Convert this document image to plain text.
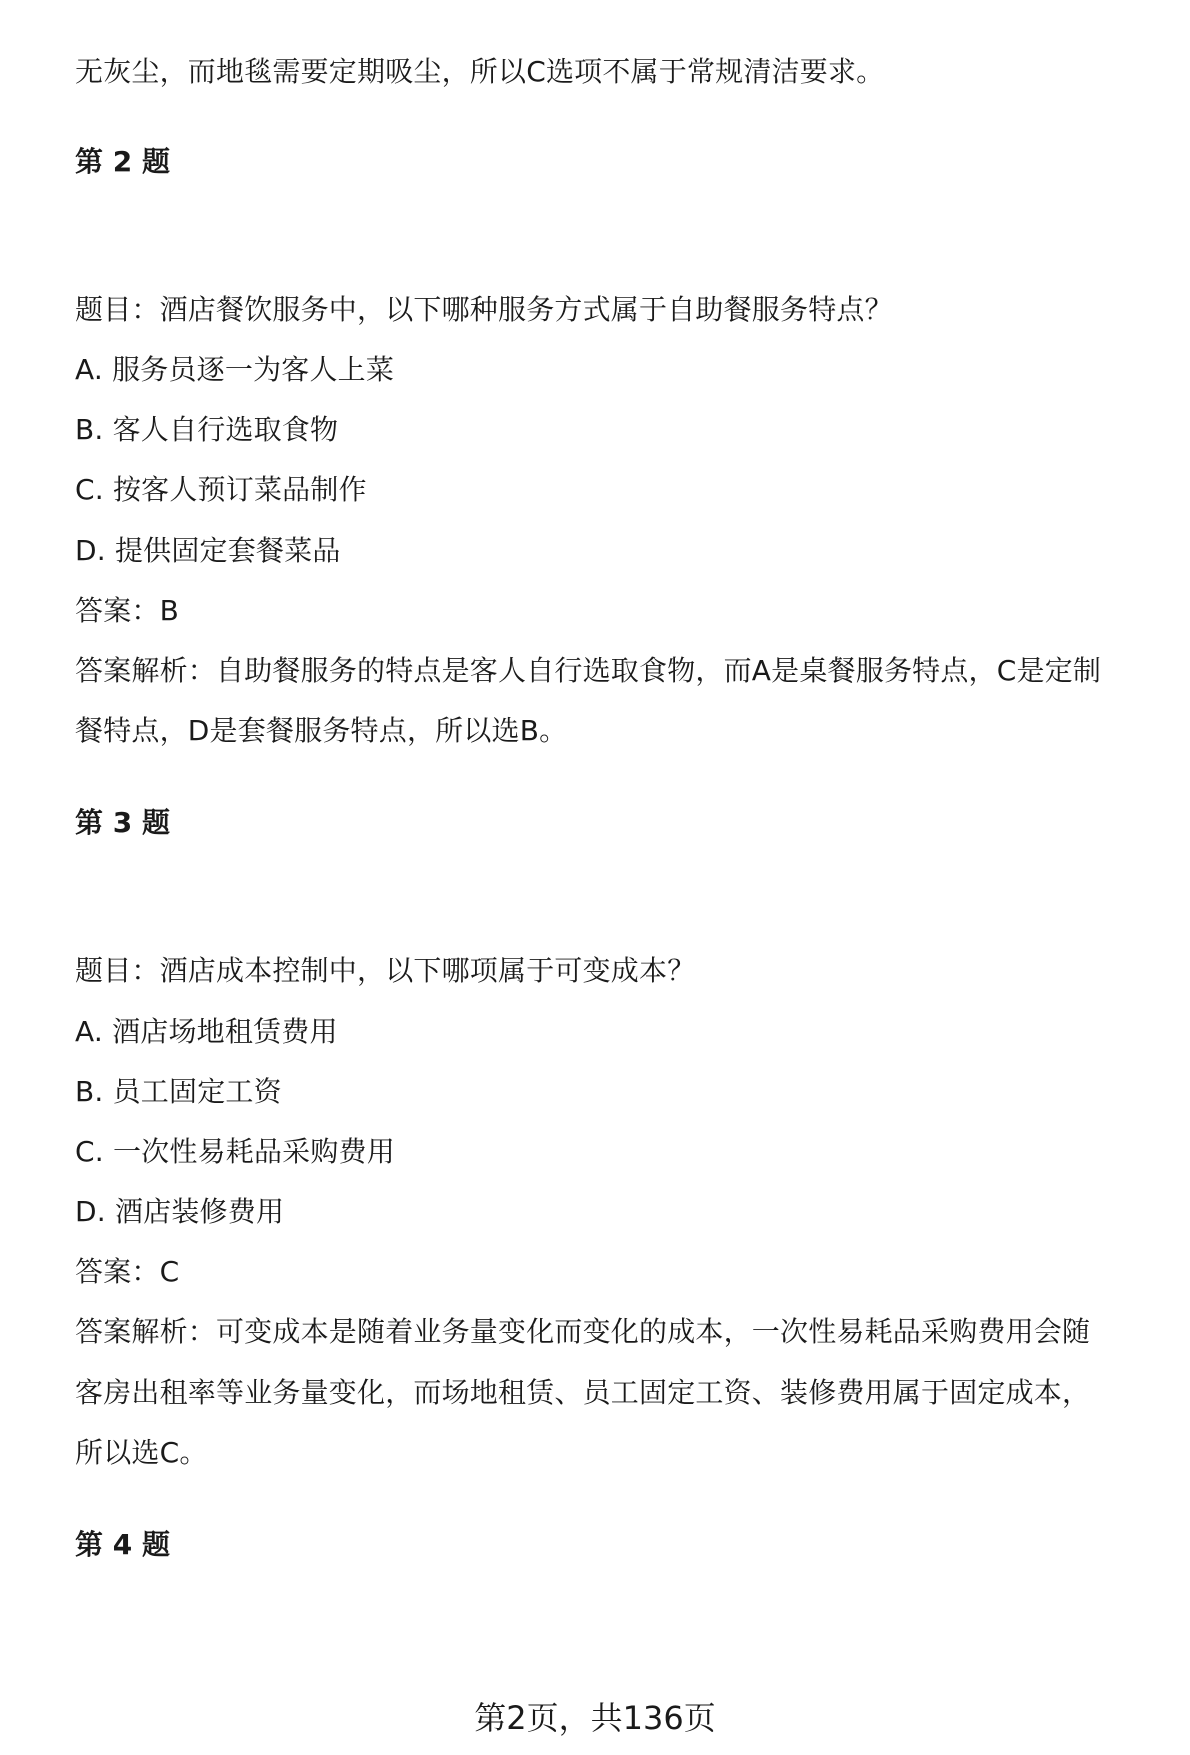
无灰尘，而地毯需要定期吸尘，所以C选项不属于常规清洁要求。
第 2 题
题目：酒店餐饮服务中，以下哪种服务方式属于自助餐服务特点？
A. 服务员逐一为客人上菜
B. 客人自行选取食物
C. 按客人预订菜品制作
D. 提供固定套餐菜品
答案：B
答案解析：自助餐服务的特点是客人自行选取食物，而A是桌餐服务特点，C是定制
餐特点，D是套餐服务特点，所以选B。
第 3 题
题目：酒店成本控制中，以下哪项属于可变成本？
A. 酒店场地租赁费用
B. 员工固定工资
C. 一次性易耗品采购费用
D. 酒店装修费用
答案：C
答案解析：可变成本是随着业务量变化而变化的成本，一次性易耗品采购费用会随
客房出租率等业务量变化，而场地租赁、员工固定工资、装修费用属于固定成本，
所以选C。
第 4 题
第2页，共136页
